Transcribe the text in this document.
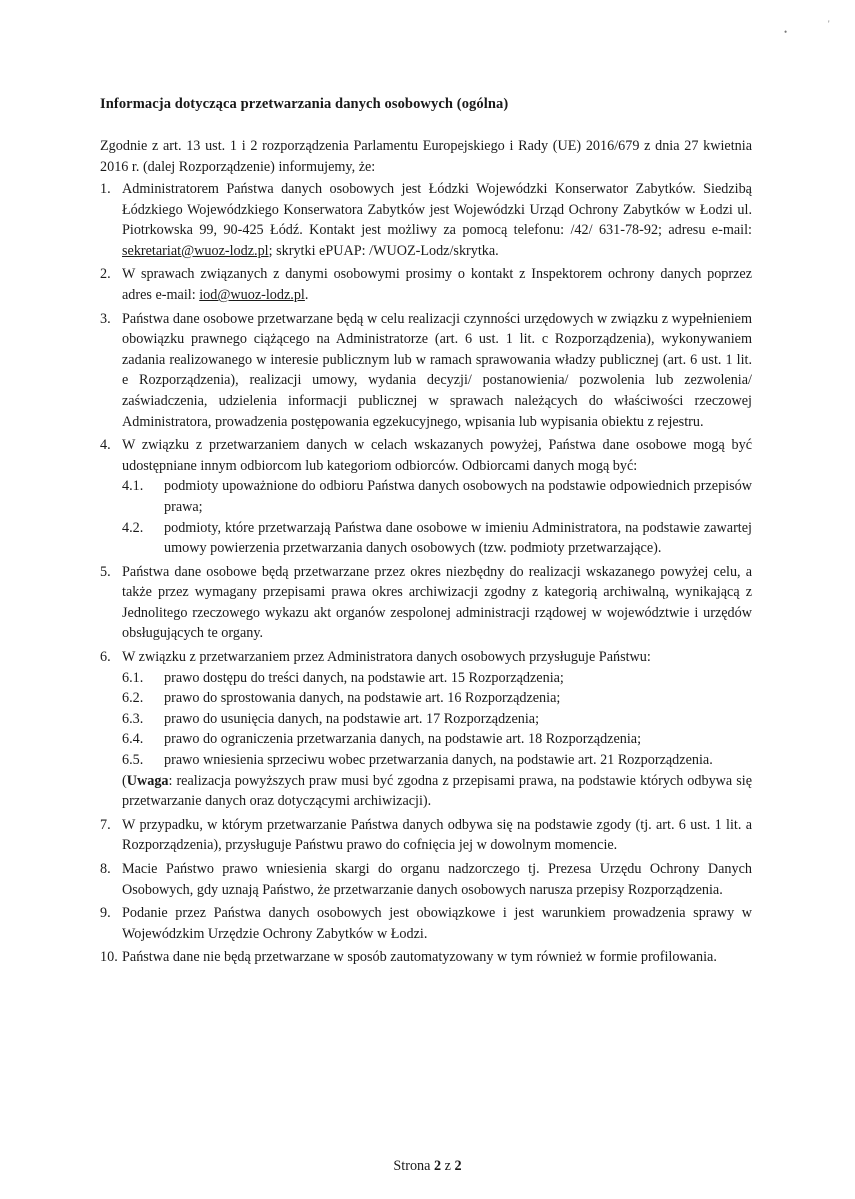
•
'
Informacja dotycząca przetwarzania danych osobowych (ogólna)
Zgodnie z art. 13 ust. 1 i 2 rozporządzenia Parlamentu Europejskiego i Rady (UE) 2016/679 z dnia 27 kwietnia 2016 r. (dalej Rozporządzenie) informujemy, że:
1. Administratorem Państwa danych osobowych jest Łódzki Wojewódzki Konserwator Zabytków. Siedzibą Łódzkiego Wojewódzkiego Konserwatora Zabytków jest Wojewódzki Urząd Ochrony Zabytków w Łodzi ul. Piotrkowska 99, 90-425 Łódź. Kontakt jest możliwy za pomocą telefonu: /42/ 631-78-92; adresu e-mail: sekretariat@wuoz-lodz.pl; skrytki ePUAP: /WUOZ-Lodz/skrytka.
2. W sprawach związanych z danymi osobowymi prosimy o kontakt z Inspektorem ochrony danych poprzez adres e-mail: iod@wuoz-lodz.pl.
3. Państwa dane osobowe przetwarzane będą w celu realizacji czynności urzędowych w związku z wypełnieniem obowiązku prawnego ciążącego na Administratorze (art. 6 ust. 1 lit. c Rozporządzenia), wykonywaniem zadania realizowanego w interesie publicznym lub w ramach sprawowania władzy publicznej (art. 6 ust. 1 lit. e Rozporządzenia), realizacji umowy, wydania decyzji/ postanowienia/ pozwolenia lub zezwolenia/ zaświadczenia, udzielenia informacji publicznej w sprawach należących do właściwości rzeczowej Administratora, prowadzenia postępowania egzekucyjnego, wpisania lub wypisania obiektu z rejestru.
4. W związku z przetwarzaniem danych w celach wskazanych powyżej, Państwa dane osobowe mogą być udostępniane innym odbiorcom lub kategoriom odbiorców. Odbiorcami danych mogą być:
4.1. podmioty upoważnione do odbioru Państwa danych osobowych na podstawie odpowiednich przepisów prawa;
4.2. podmioty, które przetwarzają Państwa dane osobowe w imieniu Administratora, na podstawie zawartej umowy powierzenia przetwarzania danych osobowych (tzw. podmioty przetwarzające).
5. Państwa dane osobowe będą przetwarzane przez okres niezbędny do realizacji wskazanego powyżej celu, a także przez wymagany przepisami prawa okres archiwizacji zgodny z kategorią archiwalną, wynikającą z Jednolitego rzeczowego wykazu akt organów zespolonej administracji rządowej w województwie i urzędów obsługujących te organy.
6. W związku z przetwarzaniem przez Administratora danych osobowych przysługuje Państwu:
6.1. prawo dostępu do treści danych, na podstawie art. 15 Rozporządzenia;
6.2. prawo do sprostowania danych, na podstawie art. 16 Rozporządzenia;
6.3. prawo do usunięcia danych, na podstawie art. 17 Rozporządzenia;
6.4. prawo do ograniczenia przetwarzania danych, na podstawie art. 18 Rozporządzenia;
6.5. prawo wniesienia sprzeciwu wobec przetwarzania danych, na podstawie art. 21 Rozporządzenia.
(Uwaga: realizacja powyższych praw musi być zgodna z przepisami prawa, na podstawie których odbywa się przetwarzanie danych oraz dotyczącymi archiwizacji).
7. W przypadku, w którym przetwarzanie Państwa danych odbywa się na podstawie zgody (tj. art. 6 ust. 1 lit. a Rozporządzenia), przysługuje Państwu prawo do cofnięcia jej w dowolnym momencie.
8. Macie Państwo prawo wniesienia skargi do organu nadzorczego tj. Prezesa Urzędu Ochrony Danych Osobowych, gdy uznają Państwo, że przetwarzanie danych osobowych narusza przepisy Rozporządzenia.
9. Podanie przez Państwa danych osobowych jest obowiązkowe i jest warunkiem prowadzenia sprawy w Wojewódzkim Urzędzie Ochrony Zabytków w Łodzi.
10. Państwa dane nie będą przetwarzane w sposób zautomatyzowany w tym również w formie profilowania.
Strona 2 z 2
